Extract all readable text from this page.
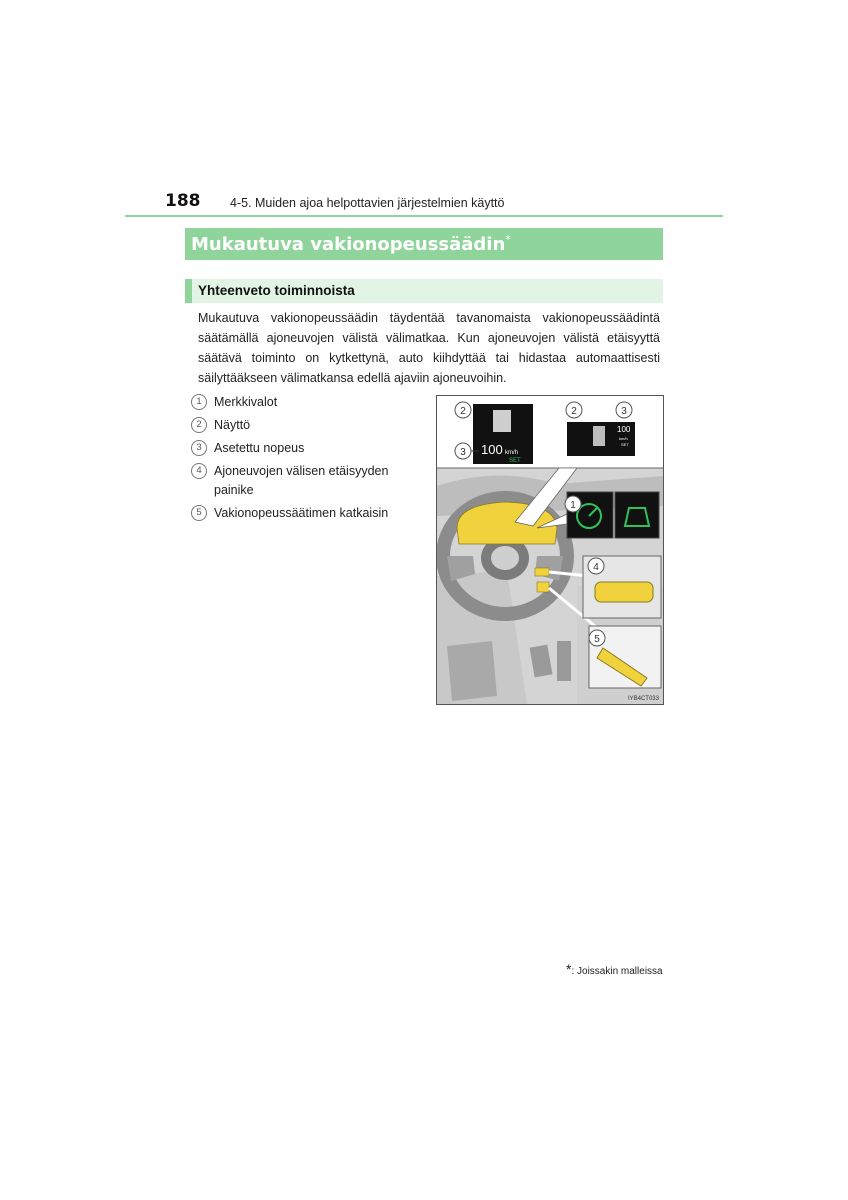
188 4-5. Muiden ajoa helpottavien järjestelmien käyttö
Mukautuva vakionopeussäädin*
Yhteenveto toiminnoista
Mukautuva vakionopeussäädin täydentää tavanomaista vakionopeussäädintä säätämällä ajoneuvojen välistä välimatkaa. Kun ajoneuvojen välistä etäisyyttä säätävä toiminto on kytkettynä, auto kiihdyttää tai hidastaa automaattisesti säilyttääkseen välimatkansa edellä ajaviin ajoneuvoihin.
1 Merkkivalot
2 Näyttö
3 Asetettu nopeus
4 Ajoneuvojen välisen etäisyyden painike
5 Vakionopeussäätimen katkaisin
100 km/h
SET
100
km/h
SET
2
3
2	3
1
4
5
IYB4CT033
*: Joissakin malleissa
